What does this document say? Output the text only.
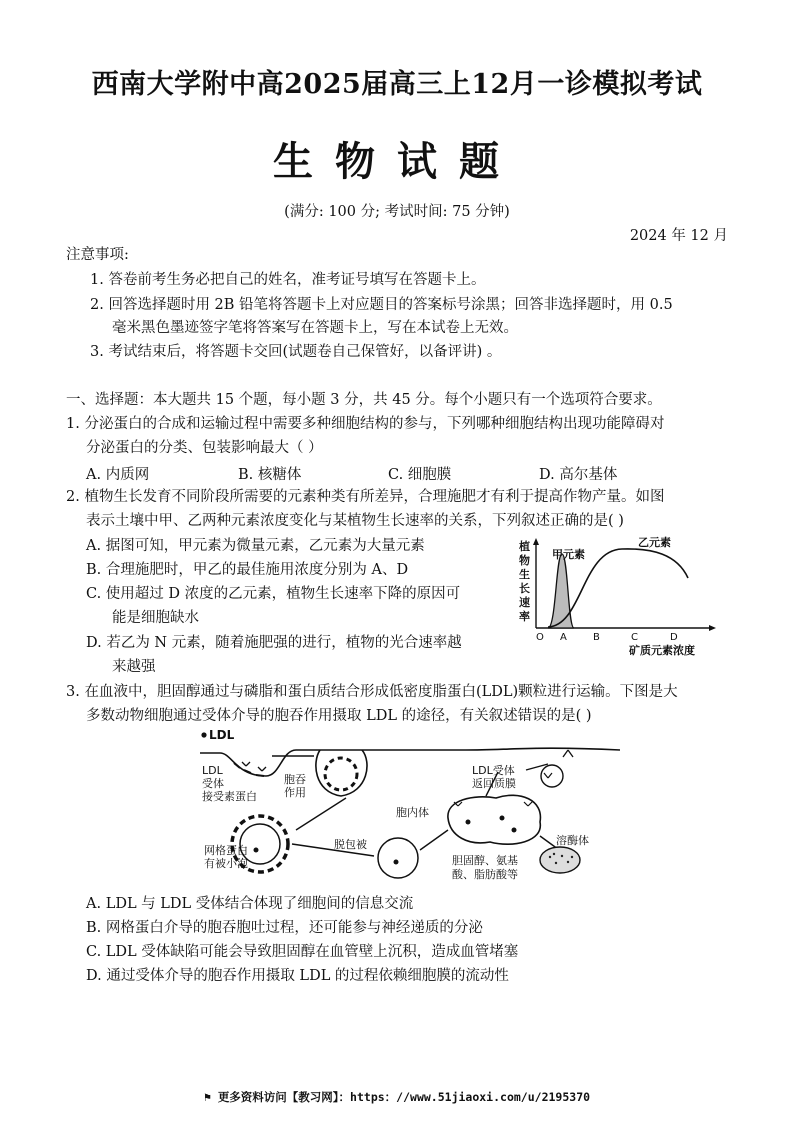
西南大学附中高2025届高三上12月一诊模拟考试
生物试题
(满分: 100 分; 考试时间: 75 分钟)
2024 年 12 月
注意事项:
1. 答卷前考生务必把自己的姓名，准考证号填写在答题卡上。
2. 回答选择题时用 2B 铅笔将答题卡上对应题目的答案标号涂黑；回答非选择题时，用 0.5
毫米黑色墨迹签字笔将答案写在答题卡上，写在本试卷上无效。
3. 考试结束后，将答题卡交回(试题卷自己保管好，以备评讲) 。
一、选择题：本大题共 15 个题，每小题 3 分，共 45 分。每个小题只有一个选项符合要求。
1. 分泌蛋白的合成和运输过程中需要多种细胞结构的参与，下列哪种细胞结构出现功能障碍对
分泌蛋白的分类、包装影响最大（ ）
A. 内质网	B. 核糖体	C. 细胞膜	D. 高尔基体
2. 植物生长发育不同阶段所需要的元素种类有所差异，合理施肥才有利于提高作物产量。如图
表示土壤中甲、乙两种元素浓度变化与某植物生长速率的关系，下列叙述正确的是( )
A. 据图可知，甲元素为微量元素，乙元素为大量元素
B. 合理施肥时，甲乙的最佳施用浓度分别为 A、D
C. 使用超过 D 浓度的乙元素，植物生长速率下降的原因可
能是细胞缺水
D. 若乙为 N 元素，随着施肥强的进行，植物的光合速率越
来越强
植
物
生
长
速
率
甲元素
乙元素
O A	B	C	D
矿质元素浓度
3. 在血液中，胆固醇通过与磷脂和蛋白质结合形成低密度脂蛋白(LDL)颗粒进行运输。下图是大
多数动物细胞通过受体介导的胞吞作用摄取 LDL 的途径，有关叙述错误的是( )
LDL
LDL
受体
接受素蛋白
胞吞
作用
网格蛋白
有被小泡
脱包被
胞内体
LDL受体
返回质膜
溶酶体
胆固醇、氨基
酸、脂肪酸等
A. LDL 与 LDL 受体结合体现了细胞间的信息交流
B. 网格蛋白介导的胞吞胞吐过程，还可能参与神经递质的分泌
C. LDL 受体缺陷可能会导致胆固醇在血管壁上沉积，造成血管堵塞
D. 通过受体介导的胞吞作用摄取 LDL 的过程依赖细胞膜的流动性
⚑ 更多资料访问【教习网】：https：//www.51jiaoxi.com/u/2195370
